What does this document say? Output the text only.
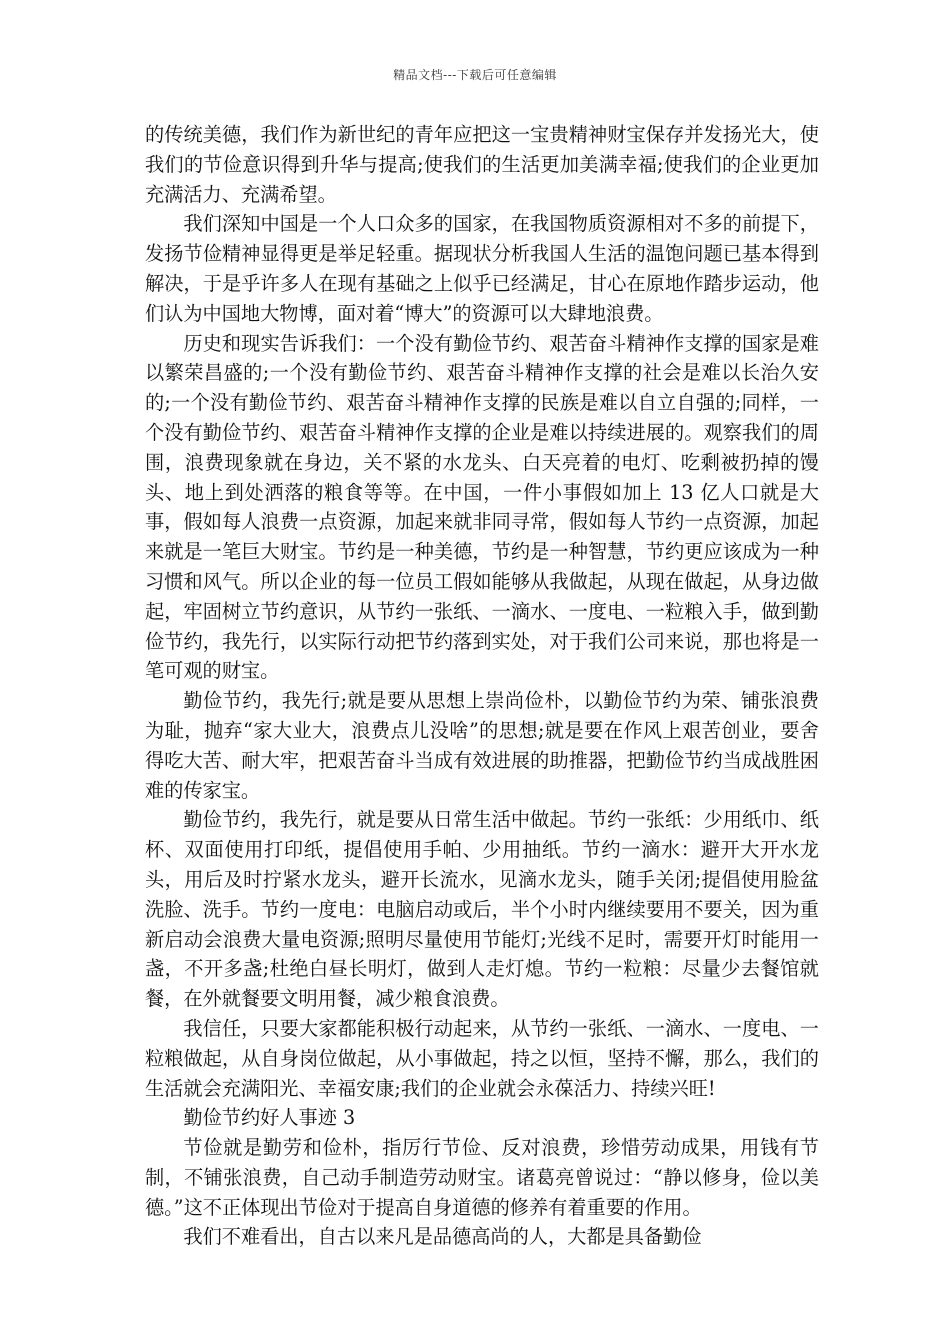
精品文档---下载后可任意编辑

的传统美德，我们作为新世纪的青年应把这一宝贵精神财宝保存并发扬光大，使我们的节俭意识得到升华与提高;使我们的生活更加美满幸福;使我们的企业更加充满活力、充满希望。

我们深知中国是一个人口众多的国家，在我国物质资源相对不多的前提下，发扬节俭精神显得更是举足轻重。据现状分析我国人生活的温饱问题已基本得到解决，于是乎许多人在现有基础之上似乎已经满足，甘心在原地作踏步运动，他们认为中国地大物博，面对着“博大”的资源可以大肆地浪费。

历史和现实告诉我们：一个没有勤俭节约、艰苦奋斗精神作支撑的国家是难以繁荣昌盛的;一个没有勤俭节约、艰苦奋斗精神作支撑的社会是难以长治久安的;一个没有勤俭节约、艰苦奋斗精神作支撑的民族是难以自立自强的;同样，一个没有勤俭节约、艰苦奋斗精神作支撑的企业是难以持续进展的。观察我们的周围，浪费现象就在身边，关不紧的水龙头、白天亮着的电灯、吃剩被扔掉的馒头、地上到处洒落的粮食等等。在中国，一件小事假如加上 13 亿人口就是大事，假如每人浪费一点资源，加起来就非同寻常，假如每人节约一点资源，加起来就是一笔巨大财宝。节约是一种美德，节约是一种智慧，节约更应该成为一种习惯和风气。所以企业的每一位员工假如能够从我做起，从现在做起，从身边做起，牢固树立节约意识，从节约一张纸、一滴水、一度电、一粒粮入手，做到勤俭节约，我先行，以实际行动把节约落到实处，对于我们公司来说，那也将是一笔可观的财宝。

勤俭节约，我先行;就是要从思想上崇尚俭朴，以勤俭节约为荣、铺张浪费为耻，抛弃“家大业大，浪费点儿没啥”的思想;就是要在作风上艰苦创业，要舍得吃大苦、耐大牢，把艰苦奋斗当成有效进展的助推器，把勤俭节约当成战胜困难的传家宝。

勤俭节约，我先行，就是要从日常生活中做起。节约一张纸：少用纸巾、纸杯、双面使用打印纸，提倡使用手帕、少用抽纸。节约一滴水：避开大开水龙头，用后及时拧紧水龙头，避开长流水，见滴水龙头，随手关闭;提倡使用脸盆洗脸、洗手。节约一度电：电脑启动或后，半个小时内继续要用不要关，因为重新启动会浪费大量电资源;照明尽量使用节能灯;光线不足时，需要开灯时能用一盏，不开多盏;杜绝白昼长明灯，做到人走灯熄。节约一粒粮：尽量少去餐馆就餐，在外就餐要文明用餐，减少粮食浪费。

我信任，只要大家都能积极行动起来，从节约一张纸、一滴水、一度电、一粒粮做起，从自身岗位做起，从小事做起，持之以恒，坚持不懈，那么，我们的生活就会充满阳光、幸福安康;我们的企业就会永葆活力、持续兴旺!

勤俭节约好人事迹 3

节俭就是勤劳和俭朴，指厉行节俭、反对浪费，珍惜劳动成果，用钱有节制，不铺张浪费，自己动手制造劳动财宝。诸葛亮曾说过：“静以修身，俭以美德。”这不正体现出节俭对于提高自身道德的修养有着重要的作用。

我们不难看出，自古以来凡是品德高尚的人，大都是具备勤俭
